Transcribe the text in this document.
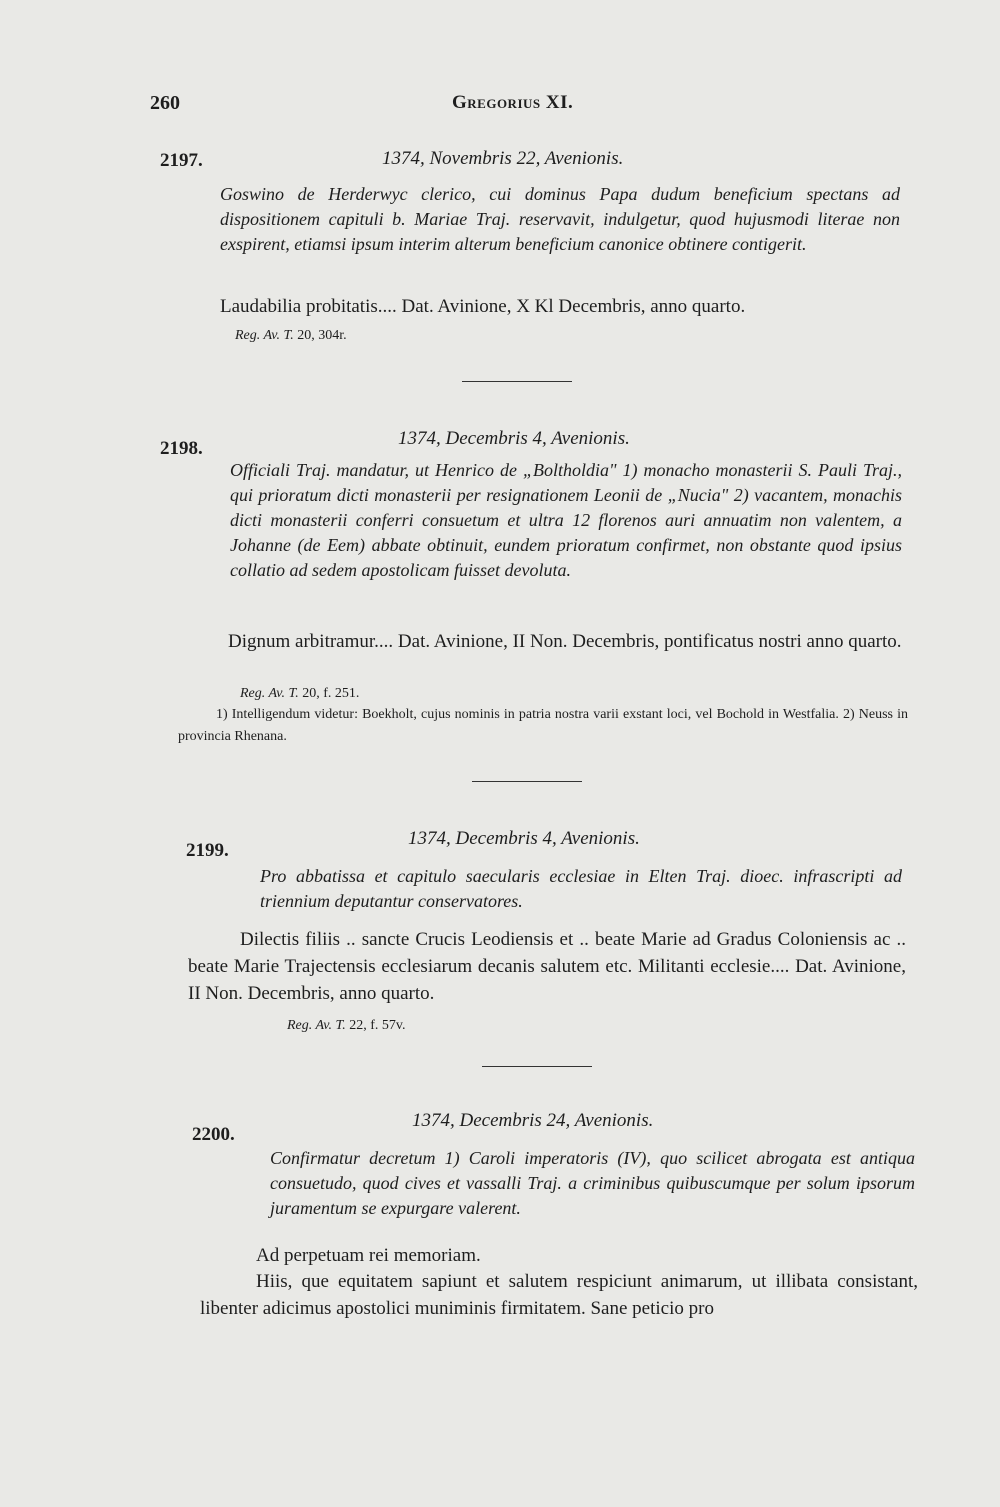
260	Gregorius XI.
2197.	1374, Novembris 22, Avenionis.
Goswino de Herderwyc clerico, cui dominus Papa dudum beneficium spectans ad dispositionem capituli b. Mariae Traj. reservavit, indulgetur, quod hujusmodi literae non exspirent, etiamsi ipsum interim alterum beneficium canonice obtinere contigerit.
Laudabilia probitatis.... Dat. Avinione, X Kl Decembris, anno quarto.
Reg. Av. T. 20, 304r.
2198.	1374, Decembris 4, Avenionis.
Officiali Traj. mandatur, ut Henrico de „Boltholdia" 1) monacho monasterii S. Pauli Traj., qui prioratum dicti monasterii per resignationem Leonii de „Nucia" 2) vacantem, monachis dicti monasterii conferri consuetum et ultra 12 florenos auri annuatim non valentem, a Johanne (de Eem) abbate obtinuit, eundem prioratum confirmet, non obstante quod ipsius collatio ad sedem apostolicam fuisset devoluta.
Dignum arbitramur.... Dat. Avinione, II Non. Decembris, pontificatus nostri anno quarto.
Reg. Av. T. 20, f. 251.
1) Intelligendum videtur: Boekholt, cujus nominis in patria nostra varii exstant loci, vel Bochold in Westfalia. 2) Neuss in provincia Rhenana.
2199.
1374, Decembris 4, Avenionis.
Pro abbatissa et capitulo saecularis ecclesiae in Elten Traj. dioec. infrascripti ad triennium deputantur conservatores.
Dilectis filiis .. sancte Crucis Leodiensis et .. beate Marie ad Gradus Coloniensis ac .. beate Marie Trajectensis ecclesiarum decanis salutem etc. Militanti ecclesie.... Dat. Avinione, II Non. Decembris, anno quarto.
Reg. Av. T. 22, f. 57v.
2200.
1374, Decembris 24, Avenionis.
Confirmatur decretum 1) Caroli imperatoris (IV), quo scilicet abrogata est antiqua consuetudo, quod cives et vassalli Traj. a criminibus quibuscumque per solum ipsorum juramentum se expurgare valerent.
Ad perpetuam rei memoriam.
Hiis, que equitatem sapiunt et salutem respiciunt animarum, ut illibata consistant, libenter adicimus apostolici muniminis firmitatem. Sane peticio pro
